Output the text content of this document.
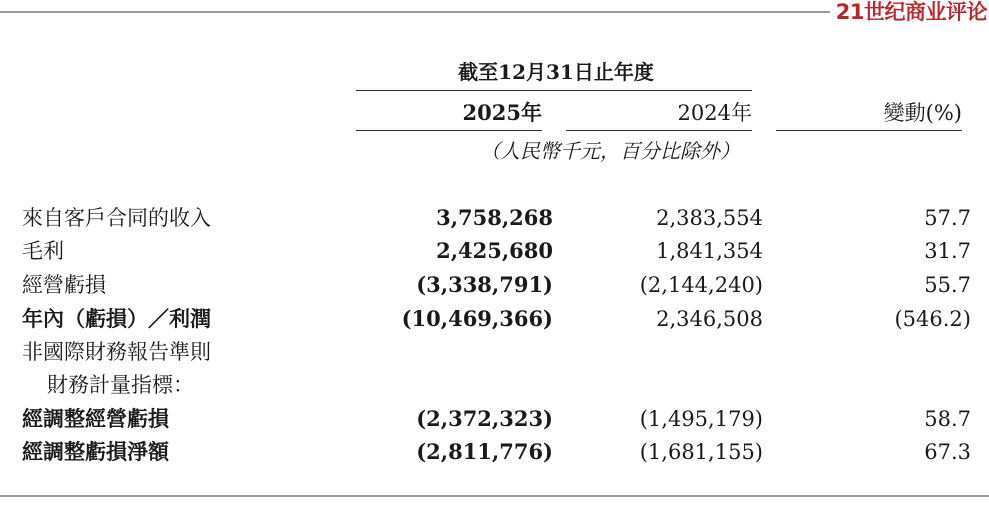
21世纪商业评论
截至12月31日止年度
2025年	2024年	變動(%)
（人民幣千元，百分比除外）
來自客戶合同的收入	3,758,268	2,383,554	57.7
毛利	2,425,680	1,841,354	31.7
經營虧損	(3,338,791)	(2,144,240)	55.7
年內（虧損）／利潤	(10,469,366)	2,346,508	(546.2)
非國際財務報告準則
財務計量指標：
經調整經營虧損	(2,372,323)	(1,495,179)	58.7
經調整虧損淨額	(2,811,776)	(1,681,155)	67.3
